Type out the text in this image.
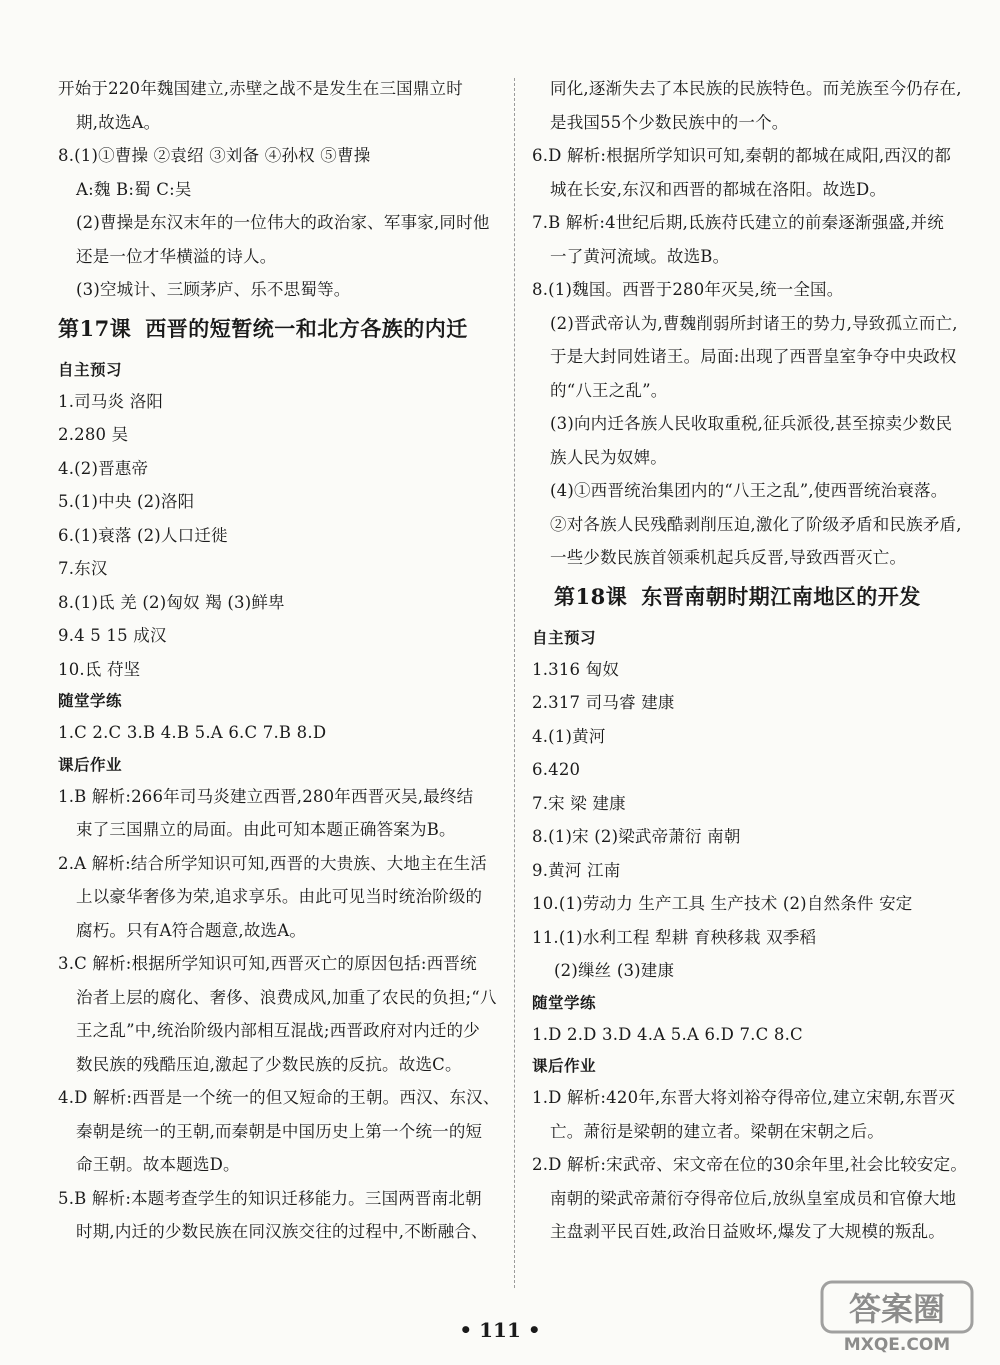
开始于220年魏国建立,赤壁之战不是发生在三国鼎立时
期,故选A。
8.(1)①曹操 ②袁绍 ③刘备 ④孙权 ⑤曹操
A:魏 B:蜀 C:吴
(2)曹操是东汉末年的一位伟大的政治家、军事家,同时他
还是一位才华横溢的诗人。
(3)空城计、三顾茅庐、乐不思蜀等。
第17课 西晋的短暂统一和北方各族的内迁
自主预习
1.司马炎 洛阳
2.280 吴
4.(2)晋惠帝
5.(1)中央 (2)洛阳
6.(1)衰落 (2)人口迁徙
7.东汉
8.(1)氐 羌 (2)匈奴 羯 (3)鲜卑
9.4 5 15 成汉
10.氐 苻坚
随堂学练
1.C 2.C 3.B 4.B 5.A 6.C 7.B 8.D
课后作业
1.B 解析:266年司马炎建立西晋,280年西晋灭吴,最终结
束了三国鼎立的局面。由此可知本题正确答案为B。
2.A 解析:结合所学知识可知,西晋的大贵族、大地主在生活
上以豪华奢侈为荣,追求享乐。由此可见当时统治阶级的
腐朽。只有A符合题意,故选A。
3.C 解析:根据所学知识可知,西晋灭亡的原因包括:西晋统
治者上层的腐化、奢侈、浪费成风,加重了农民的负担;“八
王之乱”中,统治阶级内部相互混战;西晋政府对内迁的少
数民族的残酷压迫,激起了少数民族的反抗。故选C。
4.D 解析:西晋是一个统一的但又短命的王朝。西汉、东汉、
秦朝是统一的王朝,而秦朝是中国历史上第一个统一的短
命王朝。故本题选D。
5.B 解析:本题考查学生的知识迁移能力。三国两晋南北朝
时期,内迁的少数民族在同汉族交往的过程中,不断融合、
同化,逐渐失去了本民族的民族特色。而羌族至今仍存在,
是我国55个少数民族中的一个。
6.D 解析:根据所学知识可知,秦朝的都城在咸阳,西汉的都
城在长安,东汉和西晋的都城在洛阳。故选D。
7.B 解析:4世纪后期,氐族苻氏建立的前秦逐渐强盛,并统
一了黄河流域。故选B。
8.(1)魏国。西晋于280年灭吴,统一全国。
(2)晋武帝认为,曹魏削弱所封诸王的势力,导致孤立而亡,
于是大封同姓诸王。局面:出现了西晋皇室争夺中央政权
的“八王之乱”。
(3)向内迁各族人民收取重税,征兵派役,甚至掠卖少数民
族人民为奴婢。
(4)①西晋统治集团内的“八王之乱”,使西晋统治衰落。
②对各族人民残酷剥削压迫,激化了阶级矛盾和民族矛盾,
一些少数民族首领乘机起兵反晋,导致西晋灭亡。
第18课 东晋南朝时期江南地区的开发
自主预习
1.316 匈奴
2.317 司马睿 建康
4.(1)黄河
6.420
7.宋 梁 建康
8.(1)宋 (2)梁武帝萧衍 南朝
9.黄河 江南
10.(1)劳动力 生产工具 生产技术 (2)自然条件 安定
11.(1)水利工程 犁耕 育秧移栽 双季稻
(2)缫丝 (3)建康
随堂学练
1.D 2.D 3.D 4.A 5.A 6.D 7.C 8.C
课后作业
1.D 解析:420年,东晋大将刘裕夺得帝位,建立宋朝,东晋灭
亡。萧衍是梁朝的建立者。梁朝在宋朝之后。
2.D 解析:宋武帝、宋文帝在位的30余年里,社会比较安定。
南朝的梁武帝萧衍夺得帝位后,放纵皇室成员和官僚大地
主盘剥平民百姓,政治日益败坏,爆发了大规模的叛乱。
• 111 •
答案圈
MXQE.COM
